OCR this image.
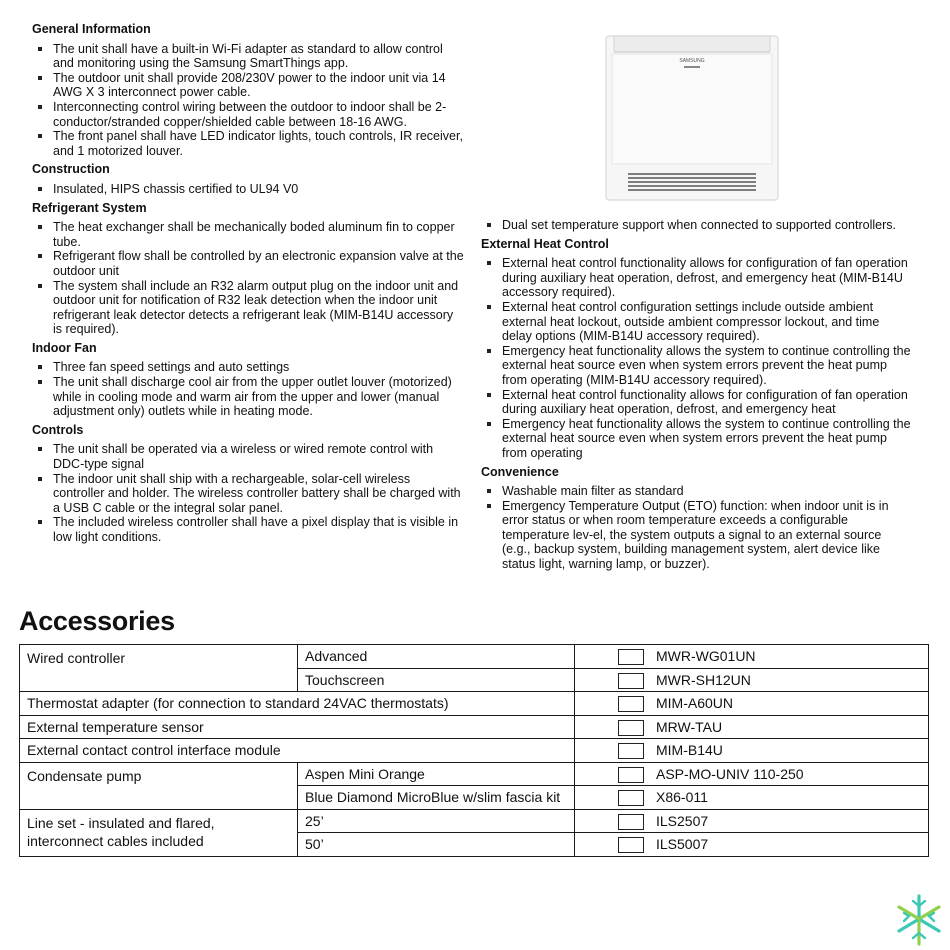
General Information
The unit shall have a built-in Wi-Fi adapter as standard to allow control and monitoring using the Samsung SmartThings app.
The outdoor unit shall provide 208/230V power to the indoor unit via 14 AWG X 3 interconnect power cable.
Interconnecting control wiring between the outdoor to indoor shall be 2-conductor/stranded copper/shielded cable between 18-16 AWG.
The front panel shall have LED indicator lights, touch controls, IR receiver, and 1 motorized louver.
Construction
Insulated, HIPS chassis certified to UL94 V0
Refrigerant System
The heat exchanger shall be mechanically boded aluminum fin to copper tube.
Refrigerant flow shall be controlled by an electronic expansion valve at the outdoor unit
The system shall include an R32 alarm output plug on the indoor unit and outdoor unit for notification of R32 leak detection when the indoor unit refrigerant leak detector detects a refrigerant leak (MIM-B14U accessory is required).
Indoor Fan
Three fan speed settings and auto settings
The unit shall discharge cool air from the upper outlet louver (motorized) while in cooling mode and warm air from the upper and lower (manual adjustment only) outlets while in heating mode.
Controls
The unit shall be operated via a wireless or wired remote control with DDC-type signal
The indoor unit shall ship with a rechargeable, solar-cell wireless controller and holder. The wireless controller battery shall be charged with a USB C cable or the integral solar panel.
The included wireless controller shall have a pixel display that is visible in low light conditions.
SAMSUNG
Dual set temperature support when connected to supported controllers.
External Heat Control
External heat control functionality allows for configuration of fan operation during auxiliary heat operation, defrost, and emergency heat (MIM-B14U accessory required).
External heat control configuration settings include outside ambient external heat lockout, outside ambient compressor lockout, and time delay options (MIM-B14U accessory required).
Emergency heat functionality allows the system to continue controlling the external heat source even when system errors prevent the heat pump from operating (MIM-B14U accessory required).
External heat control functionality allows for configuration of fan operation during auxiliary heat operation, defrost, and emergency heat
Emergency heat functionality allows the system to continue controlling the external heat source even when system errors prevent the heat pump from operating
Convenience
Washable main filter as standard
Emergency Temperature Output (ETO) function: when indoor unit is in error status or when room temperature exceeds a configurable temperature lev-el, the system outputs a signal to an external source (e.g., backup system, building management system, alert device like status light, warning lamp, or buzzer).
Accessories
Wired controller	Advanced	MWR-WG01UN
	Touchscreen	MWR-SH12UN
Thermostat adapter (for connection to standard 24VAC thermostats)		MIM-A60UN
External temperature sensor		MRW-TAU
External contact control interface module		MIM-B14U
Condensate pump	Aspen Mini Orange	ASP-MO-UNIV 110-250
	Blue Diamond MicroBlue w/slim fascia kit	X86-011
Line set - insulated and flared, interconnect cables included	25’	ILS2507
	50’	ILS5007
